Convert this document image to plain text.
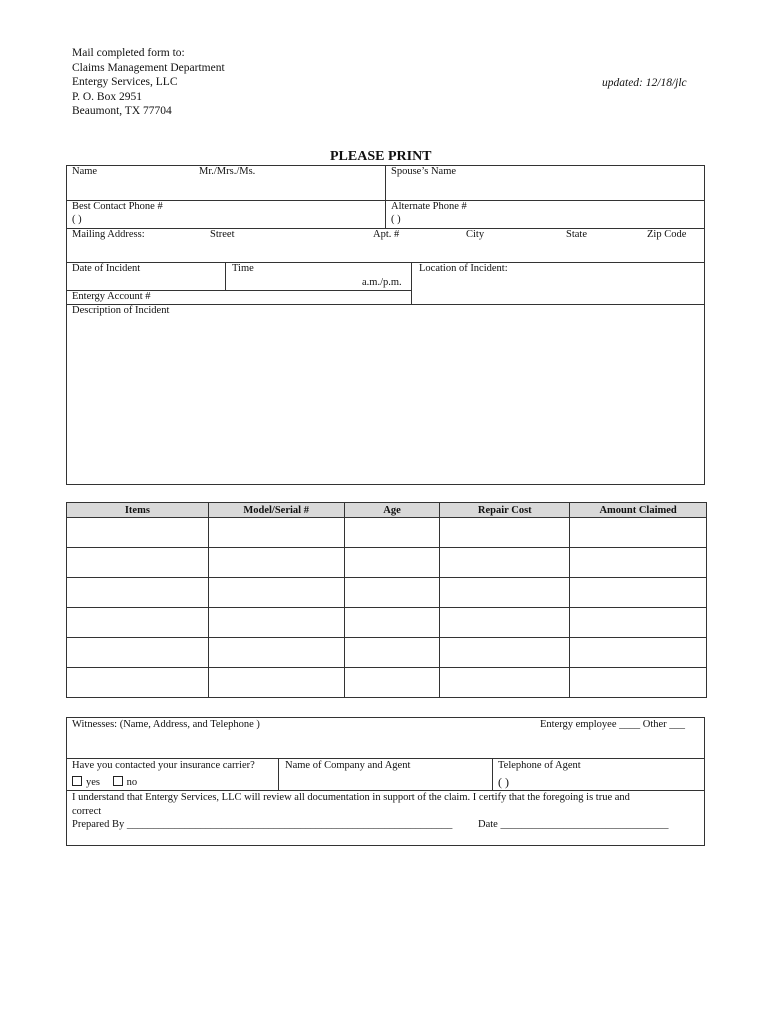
Mail completed form to:
Claims Management Department
Entergy Services, LLC
P. O. Box 2951
Beaumont, TX 77704
updated: 12/18/jlc
PLEASE PRINT
Name	Mr./Mrs./Ms.	Spouse’s Name
Best Contact Phone #
( )
Alternate Phone #
( )
Mailing Address:	Street	Apt. #	City	State	Zip Code
Date of Incident	Time
a.m./p.m.
Location of Incident:
Entergy Account #
Description of Incident
Items	Model/Serial #	Age	Repair Cost	Amount Claimed

Witnesses: (Name, Address, and Telephone )	Entergy employee ____ Other ___
Have you contacted your insurance carrier?
yes	no
Name of Company and Agent	Telephone of Agent
( )
I understand that Entergy Services, LLC will review all documentation in support of the claim. I certify that the foregoing is true and
correct
Prepared By ______________________________________________________________ Date ________________________________
